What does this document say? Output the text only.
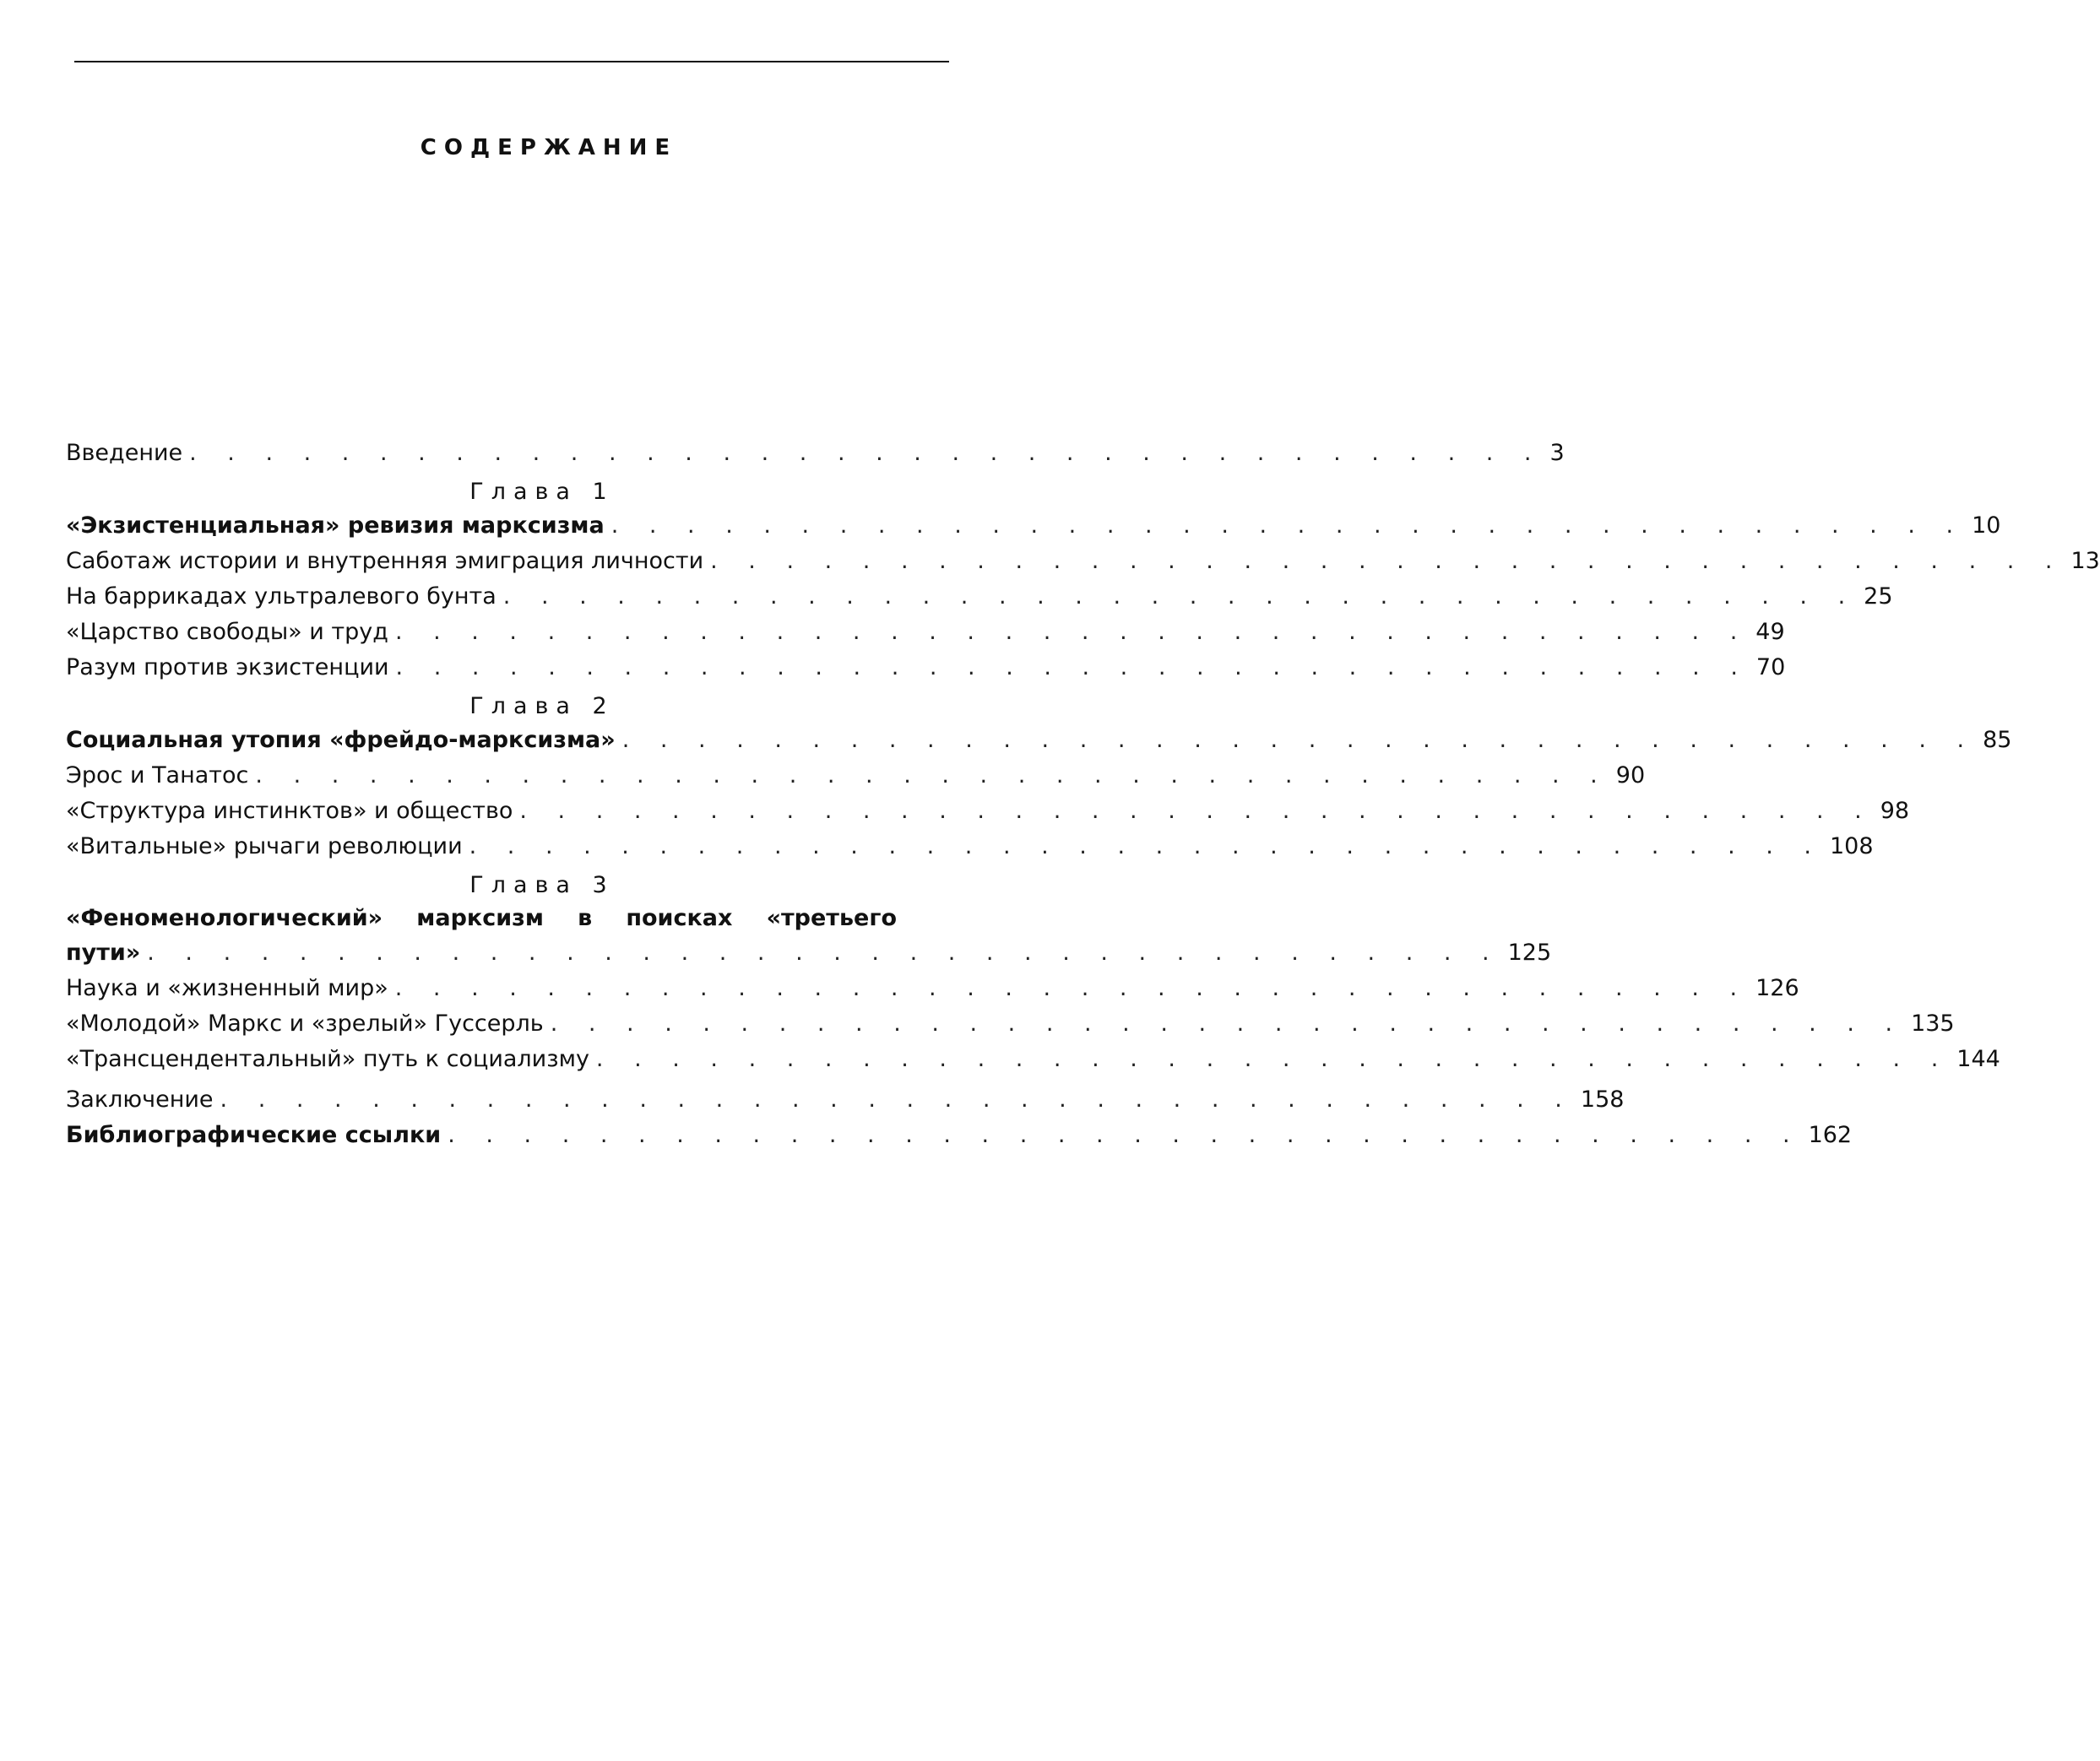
СОДЕРЖАНИЕ
Введение . . . . . . . . . . . . . . . . . . . . . . . . . . . . . . . . . . . . 3
Глава 1
«Экзистенциальная» ревизия марксизма . . . . . . . . . . . . . . . . . . . . . . . . . . . . . . . . . . . . 10
Саботаж истории и внутренняя эмиграция личности . . . . . . . . . . . . . . . . . . . . . . . . . . . . . . . . . . . . 13
На баррикадах ультралевого бунта . . . . . . . . . . . . . . . . . . . . . . . . . . . . . . . . . . . . 25
«Царство свободы» и труд . . . . . . . . . . . . . . . . . . . . . . . . . . . . . . . . . . . . 49
Разум против экзистенции . . . . . . . . . . . . . . . . . . . . . . . . . . . . . . . . . . . . 70
Глава 2
Социальная утопия «фрейдо-марксизма» . . . . . . . . . . . . . . . . . . . . . . . . . . . . . . . . . . . . 85
Эрос и Танатос . . . . . . . . . . . . . . . . . . . . . . . . . . . . . . . . . . . . 90
«Структура инстинктов» и общество . . . . . . . . . . . . . . . . . . . . . . . . . . . . . . . . . . . . 98
«Витальные» рычаги революции . . . . . . . . . . . . . . . . . . . . . . . . . . . . . . . . . . . . 108
Глава 3
«Феноменологический» марксизм в поисках «третьего
пути» . . . . . . . . . . . . . . . . . . . . . . . . . . . . . . . . . . . . 125
Наука и «жизненный мир» . . . . . . . . . . . . . . . . . . . . . . . . . . . . . . . . . . . . 126
«Молодой» Маркс и «зрелый» Гуссерль . . . . . . . . . . . . . . . . . . . . . . . . . . . . . . . . . . . . 135
«Трансцендентальный» путь к социализму . . . . . . . . . . . . . . . . . . . . . . . . . . . . . . . . . . . . 144
Заключение . . . . . . . . . . . . . . . . . . . . . . . . . . . . . . . . . . . . 158
Библиографические ссылки . . . . . . . . . . . . . . . . . . . . . . . . . . . . . . . . . . . . 162
